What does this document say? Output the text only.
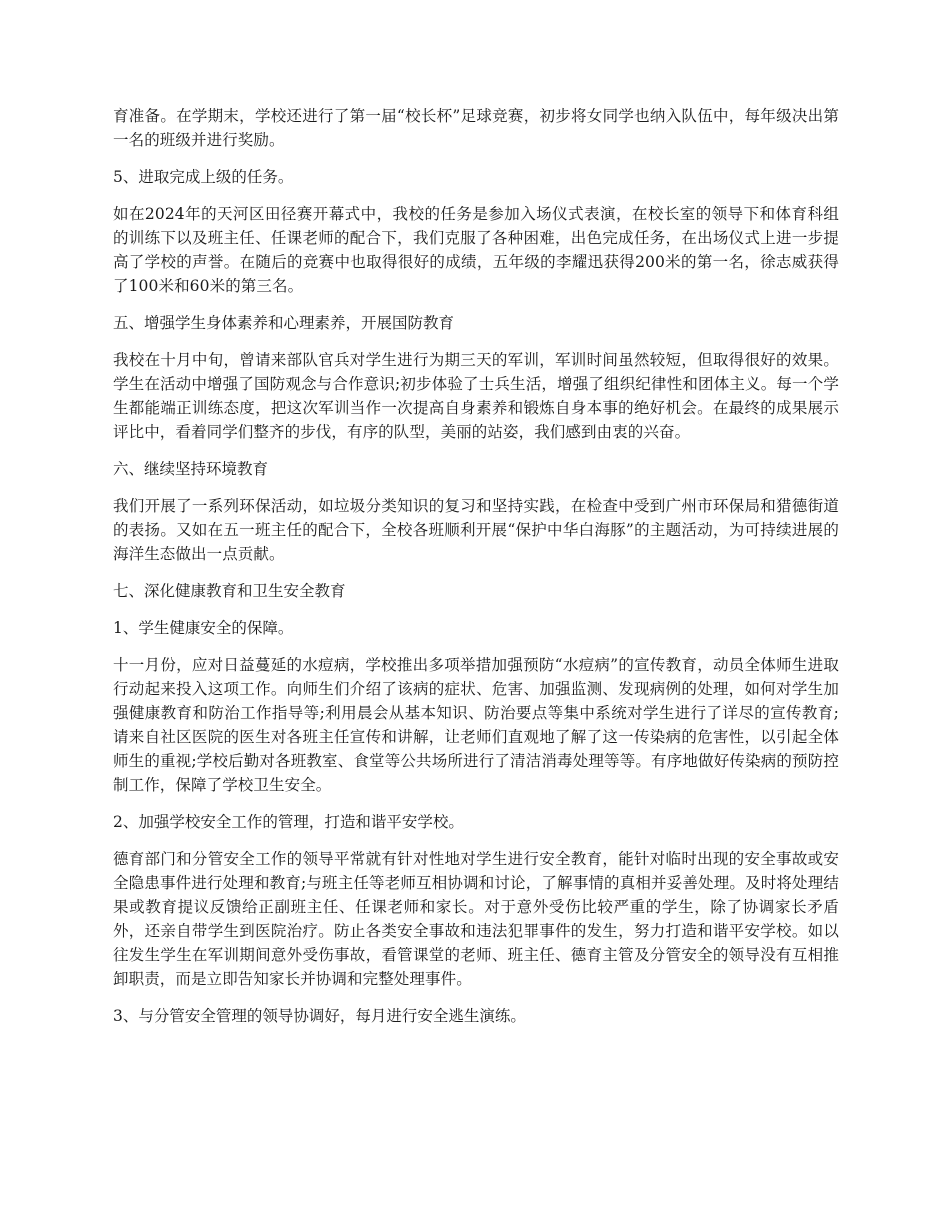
育准备。在学期末，学校还进行了第一届“校长杯”足球竞赛，初步将女同学也纳入队伍中，每年级决出第一名的班级并进行奖励。

5、进取完成上级的任务。

如在2024年的天河区田径赛开幕式中，我校的任务是参加入场仪式表演，在校长室的领导下和体育科组的训练下以及班主任、任课老师的配合下，我们克服了各种困难，出色完成任务，在出场仪式上进一步提高了学校的声誉。在随后的竞赛中也取得很好的成绩，五年级的李耀迅获得200米的第一名，徐志威获得了100米和60米的第三名。

五、增强学生身体素养和心理素养，开展国防教育

我校在十月中旬，曾请来部队官兵对学生进行为期三天的军训，军训时间虽然较短，但取得很好的效果。学生在活动中增强了国防观念与合作意识;初步体验了士兵生活，增强了组织纪律性和团体主义。每一个学生都能端正训练态度，把这次军训当作一次提高自身素养和锻炼自身本事的绝好机会。在最终的成果展示评比中，看着同学们整齐的步伐，有序的队型，美丽的站姿，我们感到由衷的兴奋。

六、继续坚持环境教育

我们开展了一系列环保活动，如垃圾分类知识的复习和坚持实践，在检查中受到广州市环保局和猎德街道的表扬。又如在五一班主任的配合下，全校各班顺利开展“保护中华白海豚”的主题活动，为可持续进展的海洋生态做出一点贡献。

七、深化健康教育和卫生安全教育

1、学生健康安全的保障。

十一月份，应对日益蔓延的水痘病，学校推出多项举措加强预防“水痘病”的宣传教育，动员全体师生进取行动起来投入这项工作。向师生们介绍了该病的症状、危害、加强监测、发现病例的处理，如何对学生加强健康教育和防治工作指导等;利用晨会从基本知识、防治要点等集中系统对学生进行了详尽的宣传教育;请来自社区医院的医生对各班主任宣传和讲解，让老师们直观地了解了这一传染病的危害性，以引起全体师生的重视;学校后勤对各班教室、食堂等公共场所进行了清洁消毒处理等等。有序地做好传染病的预防控制工作，保障了学校卫生安全。

2、加强学校安全工作的管理，打造和谐平安学校。

德育部门和分管安全工作的领导平常就有针对性地对学生进行安全教育，能针对临时出现的安全事故或安全隐患事件进行处理和教育;与班主任等老师互相协调和讨论，了解事情的真相并妥善处理。及时将处理结果或教育提议反馈给正副班主任、任课老师和家长。对于意外受伤比较严重的学生，除了协调家长矛盾外，还亲自带学生到医院治疗。防止各类安全事故和违法犯罪事件的发生，努力打造和谐平安学校。如以往发生学生在军训期间意外受伤事故，看管课堂的老师、班主任、德育主管及分管安全的领导没有互相推卸职责，而是立即告知家长并协调和完整处理事件。

3、与分管安全管理的领导协调好，每月进行安全逃生演练。
